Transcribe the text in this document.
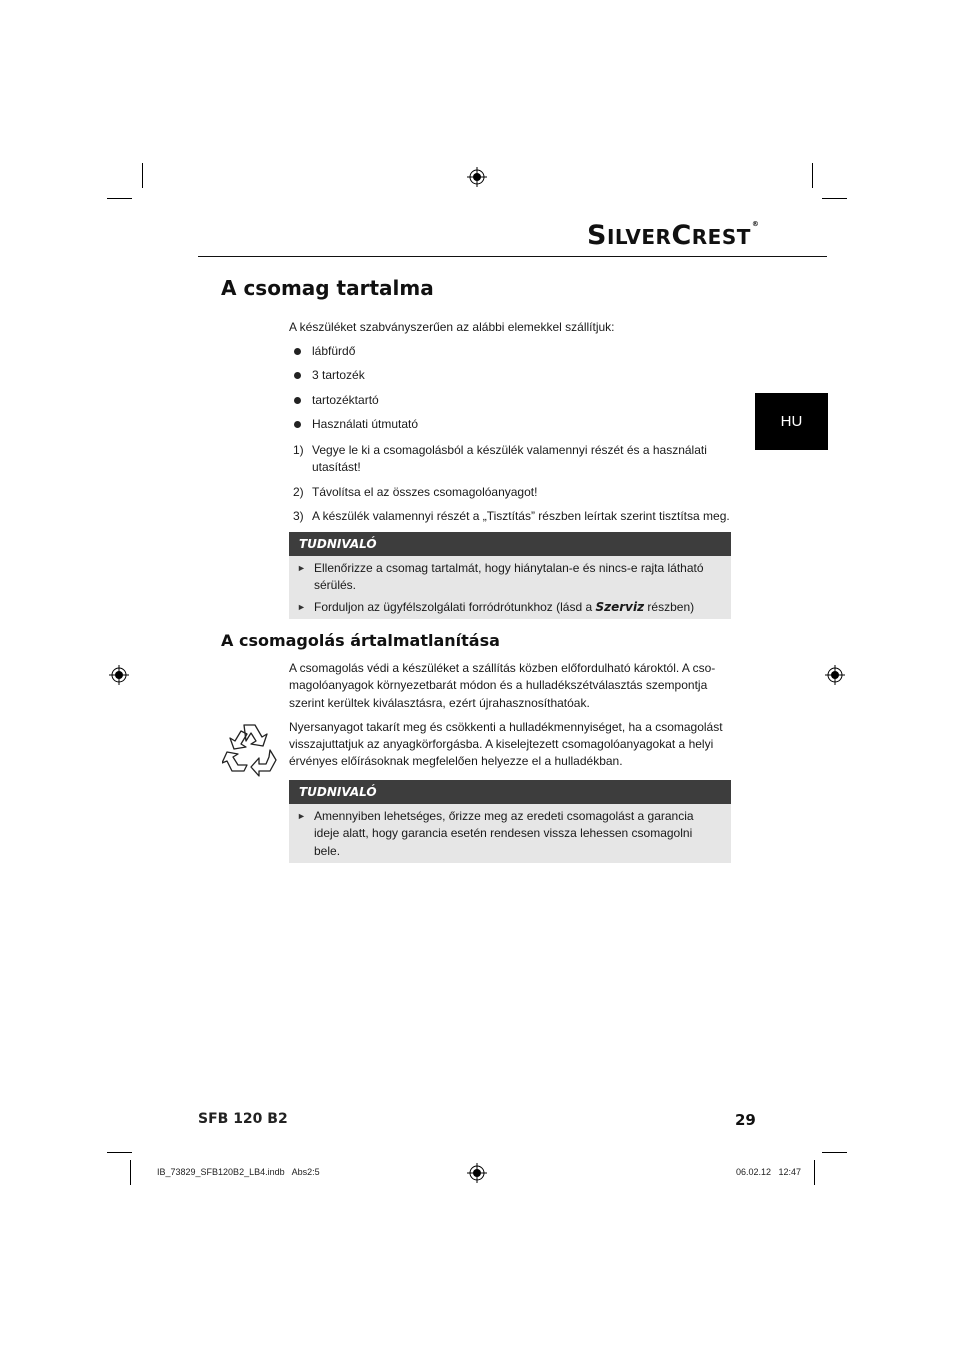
SILVERCREST®
HU
A csomag tartalma
A készüléket szabványszerűen az alábbi elemekkel szállítjuk:
lábfürdő
3 tartozék
tartozéktartó
Használati útmutató
1) Vegye le ki a csomagolásból a készülék valamennyi részét és a használati
utasítást!
2) Távolítsa el az összes csomagolóanyagot!
3) A készülék valamennyi részét a „Tisztítás” részben leírtak szerint tisztítsa meg.
TUDNIVALÓ
► Ellenőrizze a csomag tartalmát, hogy hiánytalan-e és nincs-e rajta látható
sérülés.
► Forduljon az ügyfélszolgálati forródrótunkhoz (lásd a Szerviz részben)
A csomagolás ártalmatlanítása
A csomagolás védi a készüléket a szállítás közben előfordulható károktól. A cso-
magolóanyagok környezetbarát módon és a hulladékszétválasztás szempontja
szerint kerültek kiválasztásra, ezért újrahasznosíthatóak.
Nyersanyagot takarít meg és csökkenti a hulladékmennyiséget, ha a csomagolást
visszajuttatjuk az anyagkörforgásba. A kiselejtezett csomagolóanyagokat a helyi
érvényes előírásoknak megfelelően helyezze el a hulladékban.
TUDNIVALÓ
► Amennyiben lehetséges, őrizze meg az eredeti csomagolást a garancia
ideje alatt, hogy garancia esetén rendesen vissza lehessen csomagolni
bele.
SFB 120 B2	29
IB_73829_SFB120B2_LB4.indb   Abs2:5	06.02.12   12:47
